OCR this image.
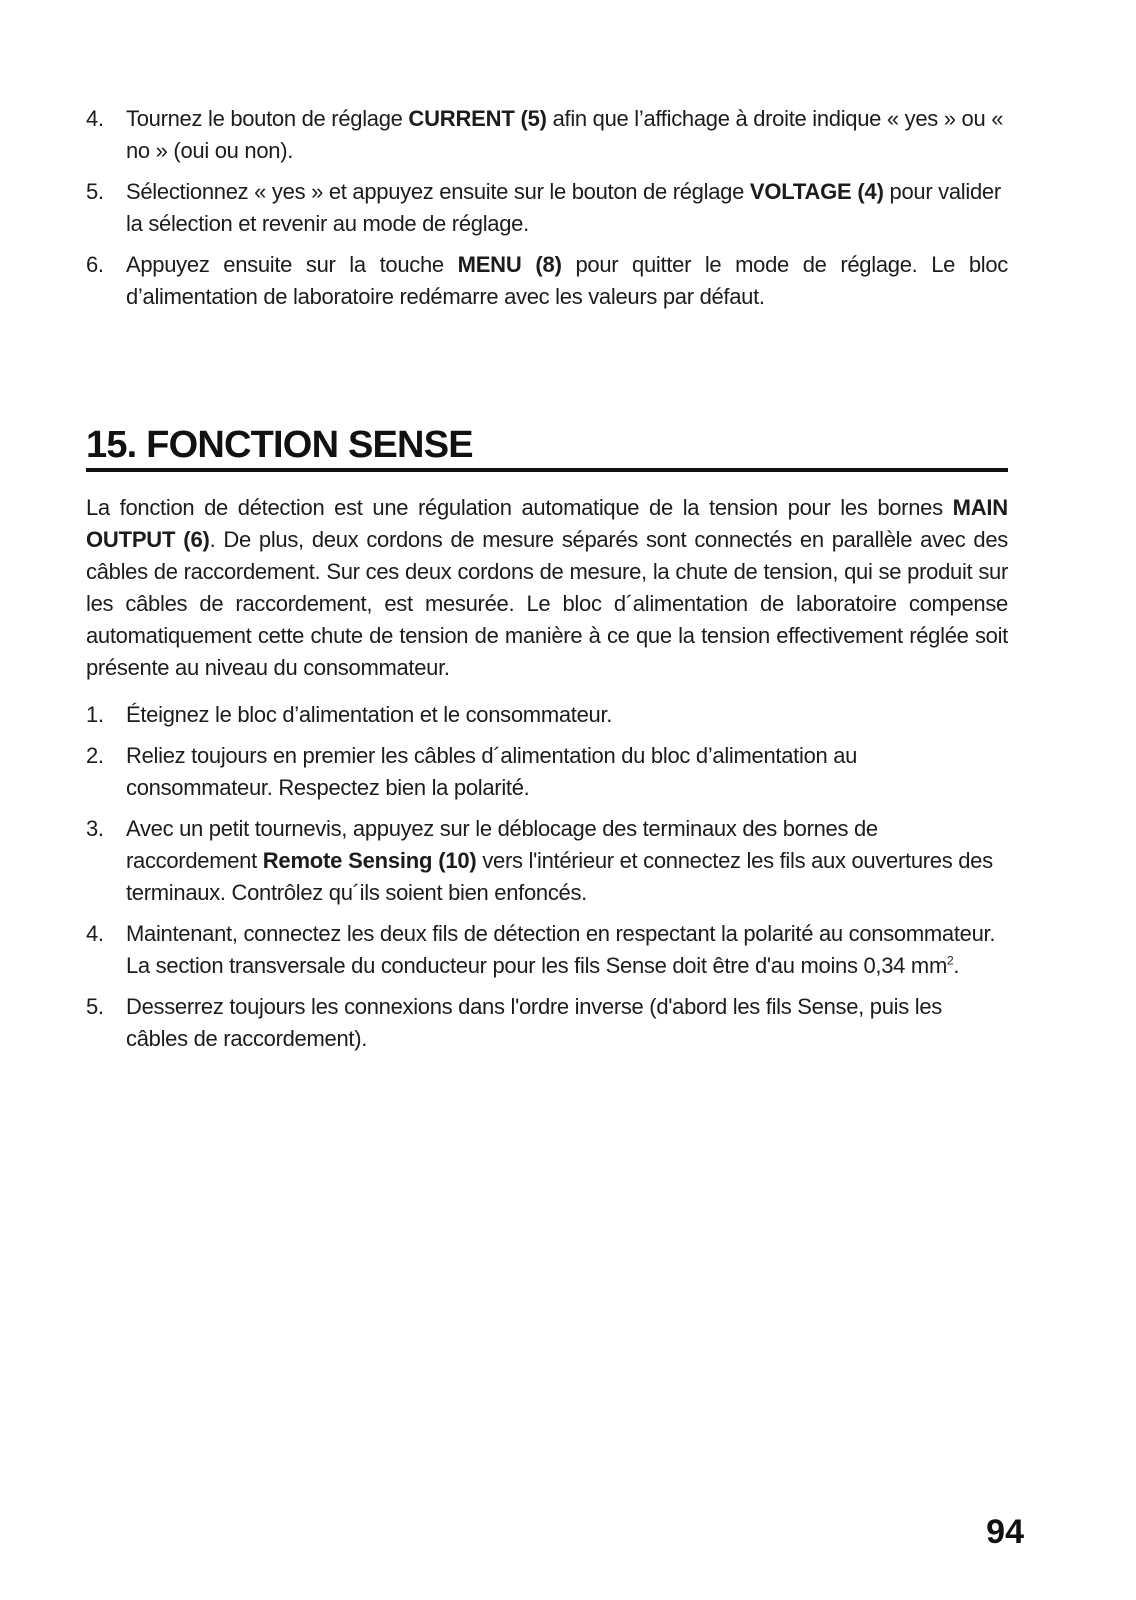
4. Tournez le bouton de réglage CURRENT (5) afin que l’affichage à droite indique « yes » ou « no » (oui ou non).
5. Sélectionnez « yes » et appuyez ensuite sur le bouton de réglage VOLTAGE (4) pour valider la sélection et revenir au mode de réglage.
6. Appuyez ensuite sur la touche MENU (8) pour quitter le mode de réglage. Le bloc d’alimentation de laboratoire redémarre avec les valeurs par défaut.
15. FONCTION SENSE

La fonction de détection est une régulation automatique de la tension pour les bornes MAIN OUTPUT (6). De plus, deux cordons de mesure séparés sont connectés en parallèle avec des câbles de raccordement. Sur ces deux cordons de mesure, la chute de tension, qui se produit sur les câbles de raccordement, est mesurée. Le bloc d´alimentation de laboratoire compense automatiquement cette chute de tension de manière à ce que la tension effectivement réglée soit présente au niveau du consommateur.

1. Éteignez le bloc d’alimentation et le consommateur.
2. Reliez toujours en premier les câbles d´alimentation du bloc d’alimentation au consommateur. Respectez bien la polarité.
3. Avec un petit tournevis, appuyez sur le déblocage des terminaux des bornes de raccordement Remote Sensing (10) vers l'intérieur et connectez les fils aux ouvertures des terminaux. Contrôlez qu´ils soient bien enfoncés.
4. Maintenant, connectez les deux fils de détection en respectant la polarité au consommateur. La section transversale du conducteur pour les fils Sense doit être d'au moins 0,34 $mm^2$.
5. Desserrez toujours les connexions dans l'ordre inverse (d'abord les fils Sense, puis les câbles de raccordement).
94
